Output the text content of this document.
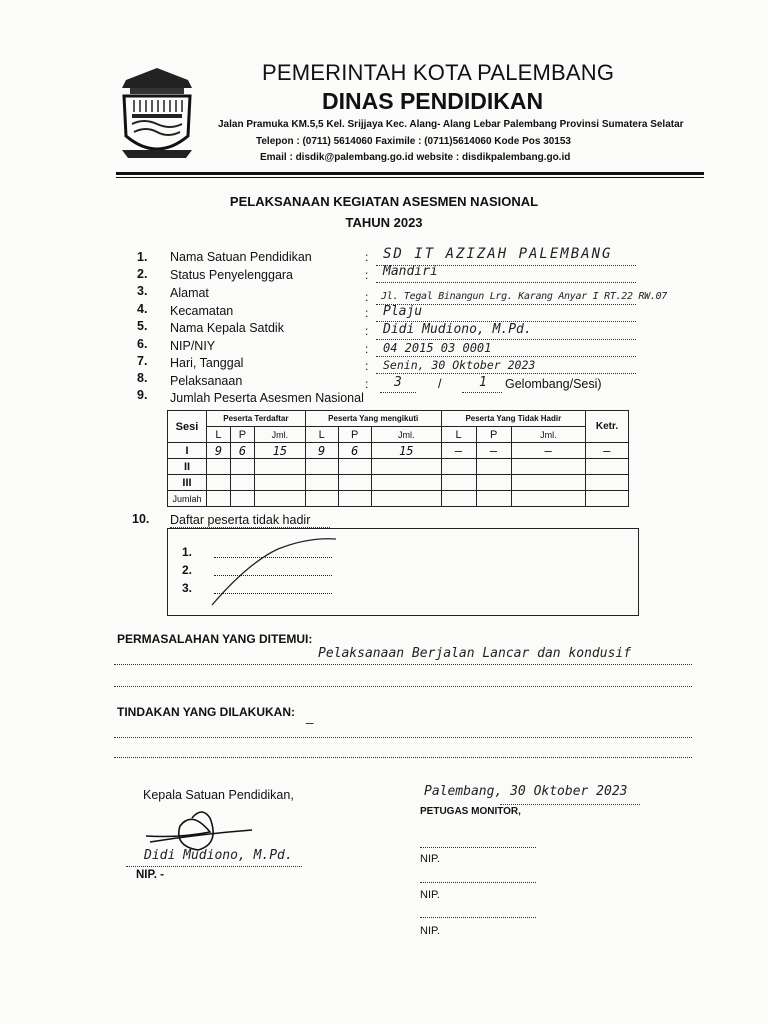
PEMERINTAH KOTA PALEMBANG
DINAS PENDIDIKAN
Jalan Pramuka KM.5,5 Kel. Srijjaya Kec. Alang- Alang Lebar Palembang Provinsi Sumatera Selatar
Telepon : (0711) 5614060 Faximile : (0711)5614060 Kode Pos 30153
Email : disdik@palembang.go.id website : disdikpalembang.go.id
PELAKSANAAN KEGIATAN ASESMEN NASIONAL
TAHUN 2023
1.	Nama Satuan Pendidikan	: SD IT AZIZAH PALEMBANG
2.	Status Penyelenggara	: Mandiri
3.	Alamat	: Jl. Tegal Binangun Lrg. Karang Anyar I RT.22 RW.07
4.	Kecamatan	: Plaju
5.	Nama Kepala Satdik	: Didi Mudiono, M.Pd.
6.	NIP/NIY	: 04 2015 03 0001
7.	Hari, Tanggal	: Senin, 30 Oktober 2023
8.	Pelaksanaan	: 3	/	1 Gelombang/Sesi)
9.	Jumlah Peserta Asesmen Nasional
Sesi	Peserta Terdaftar			Peserta Yang mengikuti			Peserta Yang Tidak Hadir			Ketr.
	L	P	Jml.	L	P	Jml.	L	P	Jml.	
I	9	6	15	9	6	15	–	–	–	–
II										
III										
Jumlah										
10.	Daftar peserta tidak hadir
1.
2.
3.
PERMASALAHAN YANG DITEMUI:
Pelaksanaan Berjalan Lancar dan kondusif
TINDAKAN YANG DILAKUKAN:
–
Kepala Satuan Pendidikan,
Didi Mudiono, M.Pd.
NIP. -
Palembang, 30 Oktober 2023
PETUGAS MONITOR,
NIP.
NIP.
NIP.
